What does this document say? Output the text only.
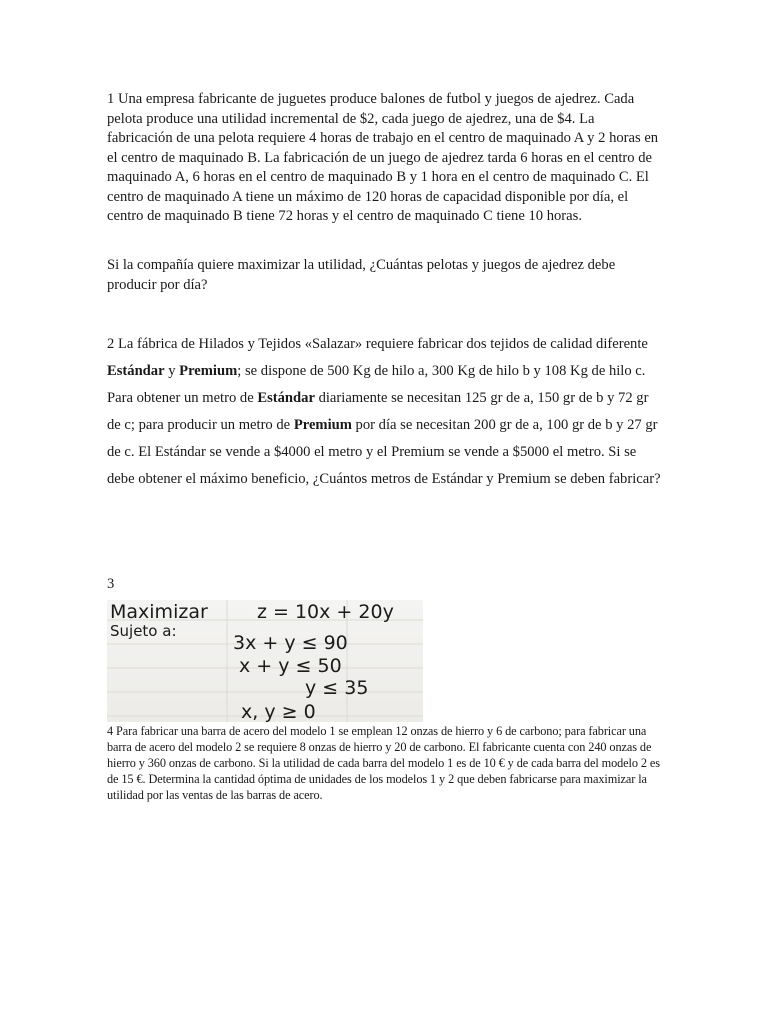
1 Una empresa fabricante de juguetes produce balones de futbol y juegos de ajedrez. Cada pelota produce una utilidad incremental de $2, cada juego de ajedrez, una de $4. La fabricación de una pelota requiere 4 horas de trabajo en el centro de maquinado A y 2 horas en el centro de maquinado B. La fabricación de un juego de ajedrez tarda 6 horas en el centro de maquinado A, 6 horas en el centro de maquinado B y 1 hora en el centro de maquinado C. El centro de maquinado A tiene un máximo de 120 horas de capacidad disponible por día, el centro de maquinado B tiene 72 horas y el centro de maquinado C tiene 10 horas.

Si la compañía quiere maximizar la utilidad, ¿Cuántas pelotas y juegos de ajedrez debe producir por día?

2 La fábrica de Hilados y Tejidos «Salazar» requiere fabricar dos tejidos de calidad diferente Estándar y Premium; se dispone de 500 Kg de hilo a, 300 Kg de hilo b y 108 Kg de hilo c. Para obtener un metro de Estándar diariamente se necesitan 125 gr de a, 150 gr de b y 72 gr de c; para producir un metro de Premium por día se necesitan 200 gr de a, 100 gr de b y 27 gr de c. El Estándar se vende a $4000 el metro y el Premium se vende a $5000 el metro. Si se debe obtener el máximo beneficio, ¿Cuántos metros de Estándar y Premium se deben fabricar?

3
Maximizar	z = 10x + 20y
Sujeto a:
3x + y ≤ 90
x + y ≤ 50
y ≤ 35
x, y ≥ 0

4 Para fabricar una barra de acero del modelo 1 se emplean 12 onzas de hierro y 6 de carbono; para fabricar una barra de acero del modelo 2 se requiere 8 onzas de hierro y 20 de carbono. El fabricante cuenta con 240 onzas de hierro y 360 onzas de carbono. Si la utilidad de cada barra del modelo 1 es de 10 € y de cada barra del modelo 2 es de 15 €. Determina la cantidad óptima de unidades de los modelos 1 y 2 que deben fabricarse para maximizar la utilidad por las ventas de las barras de acero.
